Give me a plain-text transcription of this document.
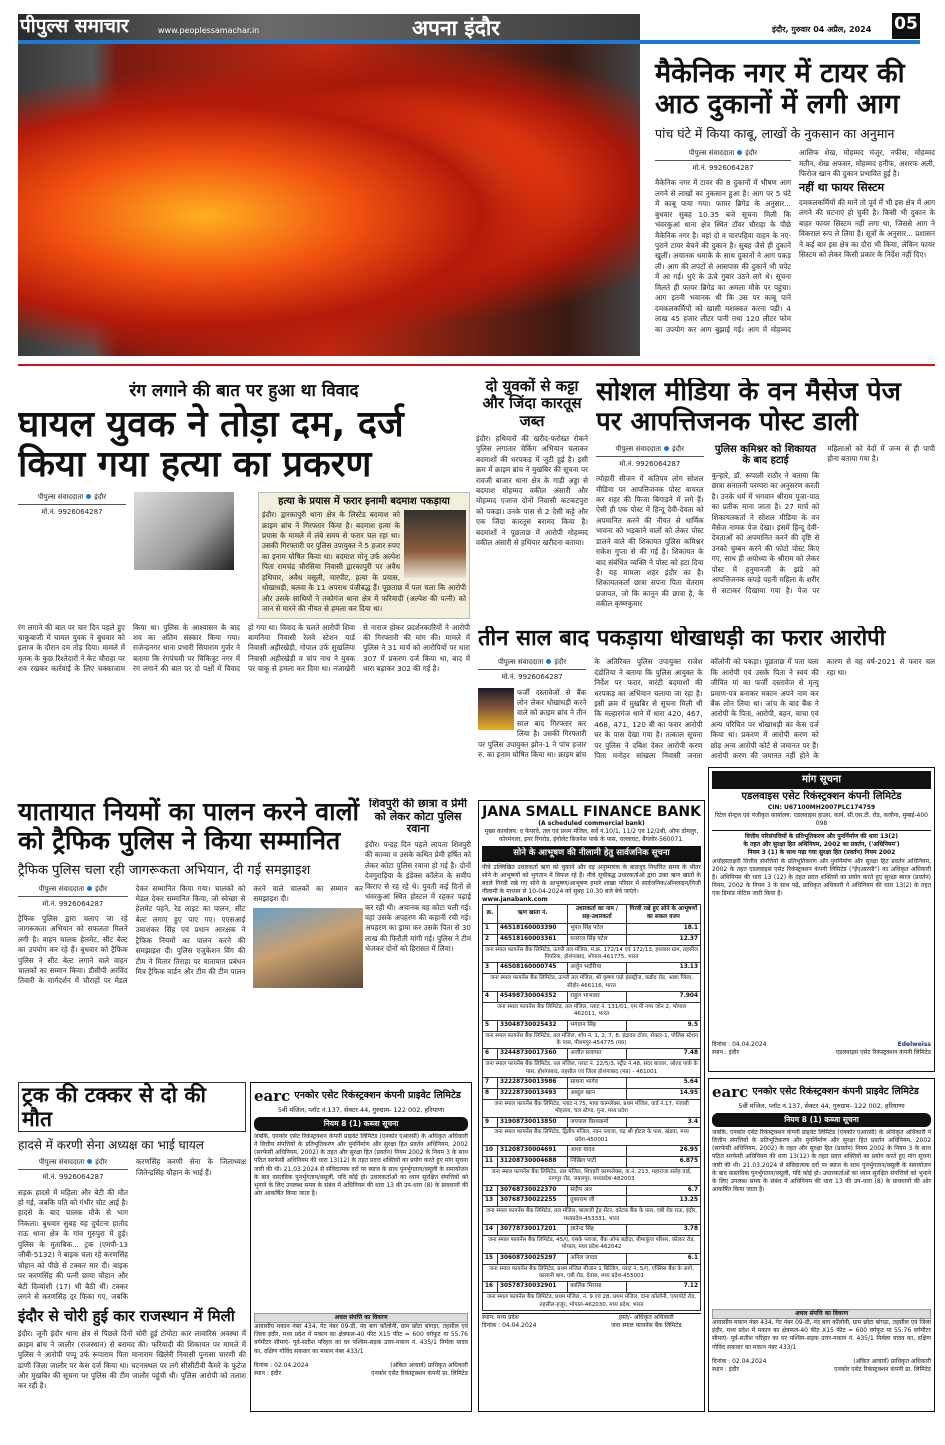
पीपुल्स समाचार	www.peoplessamachar.in	अपना इंदौर	इंदौर, गुरुवार 04 अप्रैल, 2024 05
मैकेनिक नगर में टायर की आठ दुकानों में लगी आग
पांच घंटे में किया काबू, लाखों के नुकसान का अनुमान
पीपुल्स संवाददाता इंदौर
मो.नं. 9926064287

मैकेनिक नगर में टायर की 8 दुकानों में भीषण आग लगने से लाखों का नुकसान हुआ है। आग पर 5 घंटे में काबू पाया गया। फायर ब्रिगेड के अनुसार... बुधवार सुबह 10.35 बजे सूचना मिली कि भंवरकुआं थाना क्षेत्र स्थित टॉवर चौराहा के पीछे मैकेनिक नगर है। वहां दो व चारपहिया वाहन के नए-पुराने टायर बेचने की दुकान है। सुबह जैसे ही दुकानें खुलीं। अचानक धमाके के साथ दुकानों ने आग पकड़ ली। आग की लपटों से आसपास की दुकानें भी चपेट में आ गई। धुएं के ऊंचे गुबार उठने लगे थे। सूचना मिलते ही फायर ब्रिगेड का अमला मौके पर पहुंचा। आग इतनी भयानक थी कि उस पर काबू पाने दमकलकर्मियों को खासी मशक्कत करना पड़ी। 4 लाख 45 हजार लीटर पानी तथा 120 लीटर फोम का उपयोग कर आग बुझाई गई। आग में मोहम्मद आसिफ शेख, मोहम्मद मंजूर, नफीस, मोहम्मद मतीन, शेख अफसर, मोहम्मद हनीफ, अशरफ अली, फिरोज खान की दुकान प्रभावित हुई है।

नहीं था फायर सिस्टम

दमकलकर्मियों की मानें तो पूर्व में भी इस क्षेत्र में आग लगने की घटनाएं हो चुकी है। किसी भी दुकान के बाहर फायर सिस्टम नहीं लगा था, जिससे आग ने विकराल रूप ले लिया है। सूत्रों के अनुसार... प्रशासन ने कई बार इस क्षेत्र का दौरा भी किया, लेकिन फायर सिस्टम को लेकर किसी प्रकार के निर्देश नहीं दिए।

रंग लगाने की बात पर हुआ था विवाद
घायल युवक ने तोड़ा दम, दर्ज किया गया हत्या का प्रकरण
पीपुल्स संवाददाता इंदौर
मो.नं. 9926064287
हत्या के प्रयास में फरार इनामी बदमाश पकड़ाया

इंदौर। द्वारकापुरी थाना क्षेत्र के लिस्टेड बदमाश को क्राइम ब्रांच ने गिरफ्तार किया है। बदमाश हत्या के प्रयास के मामले में लंबे समय से फरार चल रहा था। उसकी गिरफ्तारी पर पुलिस उपायुक्त ने 5 हजार रुपए का इनाम घोषित किया था। बदमाश मोनू उर्फ अल्पेश पिता रामचंद्र चौरसिया निवासी द्वारकापुरी पर अवैध हथियार, अवैध वसूली, मारपीट, हत्या के प्रयास, धोखाधड़ी, बलवा के 11 अपराध पंजीबद्ध हैं। पूछताछ में पता चला कि आरोपी और उसके साथियों ने तकोगंज थाना क्षेत्र में फरियादी (अल्पेश की पत्नी) को जान से मारने की नीयत से हमला कर दिया था।

रंग लगाने की बात पर चार दिन पहले हुए चाकूबाजी में घायल युवक ने बुधवार को इलाज के दौरान दम तोड़ दिया। मामले में मृतक के कुछ रिश्तेदारों ने केट चौराहा पर शव रखकर कार्रवाई के लिए चक्काजाम किया था। पुलिस के आश्वासन के बाद शव का अंतिम संस्कार किया गया। राजेन्द्रनगर थाना प्रभारी सियाराम गुर्जर ने बताया कि रंगपंचमी पर चिकित्रूट नगर में रंग लगाने की बात पर दो पक्षों में विवाद हो गया था। विवाद के चलते आरोपी शिवा बामनिया निवासी रेलवे स्टेशन यार्ड निवासी अहीरखेड़ी, गोपाल उर्फ सुखलिया निवासी अहीरखेड़ी व चांप नाथ ने युवक पर चाकू से हमला कर दिया था। नजाखेरी से नाराज होकर प्रदर्शनकारियों ने आरोपी की गिरफ्तारी की मांग की। मामले में पुलिस ने 31 मार्च को आरोपियों पर धारा 307 में प्रकरण दर्ज किया था, बाद में धारा बढ़ाकर 302 की गई है।

दो युवकों से कट्टा और जिंदा कारतूस जब्त

इंदौर। हथियारों की खरीद-फरोख्त रोकने पुलिस लगातार चेकिंग अभियान चलाकर बदमाशों की धरपकड़ में जुटी हुई है। इसी क्रम में क्राइम ब्रांच ने मुखबिर की सूचना पर रावजी बाजार थाना क्षेत्र के गाड़ी अड्डा से बदमाश मोहम्मद वकील अंसारी और मोहम्मद एजाज दोनों निवासी कटकटपुरा को पकड़ा। उनके पास से 2 देसी कट्टे और एक जिंदा कारतूस बरामद किया है। बदमाशों ने पूछताछ में आरोपी मोहम्मद वकील अंसारी से हथियार खरीदना बताया।

सोशल मीडिया के वन मैसेज पेज पर आपत्तिजनक पोस्ट डाली
पीपुल्स संवाददाता इंदौर
मो.नं. 9926064287

त्योहारी सीजन में कतिपय लोग सोशल मीडिया पर आपत्तिजनक पोस्ट वायरल कर शहर की फिजा बिगाड़ने में लगे हैं। ऐसी ही एक पोस्ट में हिन्दू देवी-देवता को अपमानित करने की नीयत से धार्मिक भावना को भड़काने वालों को लेकर पोस्ट डालने वाले की शिकायत पुलिस कमिश्नर राकेश गुप्ता से की गई है। शिकायत के बाद संबंधित व्यक्ति ने पोस्ट को हटा दिया है। यह मामला शहर इंदौर का है। शिकायतकर्ता छात्रा सपना पिता चेतराम प्रजापत, जो कि कानून की छात्रा है, के वकील कृष्णकुमार

पुलिस कमिश्नर को शिकायत के बाद हटाई

कुन्हारे, डॉ. रूपाली राठौर ने बताया कि छात्रा सनातनी परम्परा का अनुसरण करती है। उनके धर्म में भगवान श्रीराम पूजा-पाठ का प्रतीक माना जाता है। 27 मार्च को शिकायतकर्ता ने सोशल मीडिया के वन मैसेज नामक पेज देखा। इसमें हिन्दू देवी-देवताओं को अपमानित करने की दृष्टि से उनको चुम्बन करने की फोटो पोस्ट किए गए, साथ ही अयोध्या के श्रीराम को लेकर पोस्ट में हनुमानजी के झंडे को आपत्तिजनक कपड़े पहनी महिला के शरीर से सटाकर दिखाया गया है। पेज पर महिलाओं को वेदों में जन्म से ही पापी होना बताया गया है।

तीन साल बाद पकड़ाया धोखाधड़ी का फरार आरोपी
पीपुल्स संवाददाता इंदौर
मो.नं. 9926064287

फर्जी दस्तावेजों से बैंक लोन लेकर धोखाधड़ी करने वाले को क्राइम ब्रांच ने तीन साल बाद गिरफ्तार कर लिया है। उसकी गिरफ्तारी पर पुलिस उपायुक्त झोन-1 ने पांच हजार रु. का इनाम घोषित किया था। क्राइम ब्रांच के अतिरिक्त पुलिस उपायुक्त राजेश दंडोतिया ने बताया कि पुलिस आयुक्त के निर्देश पर फरार, वारंटी बदमाशों की धरपकड़ का अभियान चलाया जा रहा है। इसी क्रम में मुखबिर से सूचना मिली थी कि मल्हारगंज थाने में धारा 420, 467, 468, 471, 120 बी का फरार आरोपी घर के पास देखा गया है। तत्काल सूचना पर पुलिस ने दबिश देकर आरोपी करण पिता मनोहर सांखला निवासी जनता कॉलोनी को पकड़ा। पूछताछ में पता चला कि आरोपी एवं उसके पिता ने स्वयं की जीवित मां का फर्जी दस्तावेज से मृत्यु प्रमाण-पत्र बनाकर मकान अपने नाम कर बैंक लोन लिया था। जांच के बाद बैंक ने आरोपी के पिता, आरोपी, बहन, चाचा एवं अन्य परिचित पर धोखाधड़ी का केस दर्ज किया था। प्रकरण में आरोपी करण को छोड़ अन्य आरोपी कोर्ट से जमानत पर हैं। आरोपी करण की जमानत नहीं होने के कारण से वह वर्ष-2021 से फरार चल रहा था।

मांग सूचना
एडलवाइस एसेट रिकंस्ट्रक्शन कंपनी लिमिटेड
CIN: U67100MH2007PLC174759
रिटेल सेन्ट्रल एवं पंजीकृत कार्यालय: एडलवाइस हाउस, कार्य. सी.एस.टी. रोड, कलीना, मुम्बई-400 098
वित्तीय परिसंपत्तियों के प्रतिभूतिकरण और पुनर्निर्माण की धारा 13(2)
के तहत और सुरक्षा हित अधिनियम, 2002 का प्रवर्तन, ('अधिनियम')
नियम 3 (1) के साथ पढ़ा गया सुरक्षा हित (प्रवर्तन) नियम 2002

अधोहस्ताक्षरी वित्तीय संपत्तियों के प्रतिभूतिकरण और पुनर्निर्माण और सुरक्षा हित प्रवर्तन अधिनियम, 2002 के तहत एडलवाइस एसेट रिकंस्ट्रक्शन कंपनी लिमिटेड ("ईएआरसी") का अधिकृत अधिकारी है। अधिनियम की धारा 13 (12) के तहत प्रदत्त शक्तियों का प्रयोग करते हुए सुरक्षा ब्याज (प्रवर्तन) नियम, 2002 के नियम 3 के साथ पढ़ें, प्राधिकृत अधिकारी ने अधिनियम की धारा 13(2) के तहत एक डिमांड नोटिस जारी किया है।

दिनांक : 04.04.2024	Edelweiss
स्थान : इंदौर	एडलवाइस एसेट रिकंस्ट्रक्शन कंपनी लिमिटेड
यातायात नियमों का पालन करने वालों को ट्रैफिक पुलिस ने किया सम्मानित
ट्रैफिक पुलिस चला रही जागरूकता अभियान, दी गई समझाइश
पीपुल्स संवाददाता इंदौर
मो.नं. 9926064287

ट्रैफिक पुलिस द्वारा चलाए जा रहे जागरूकता अभियान को सफलता मिलने लगी है। वाहन चालक हेलमेट, सीट बेल्ट का उपयोग कर रहे हैं। बुधवार को ट्रैफिक पुलिस ने सीट बेल्ट लगाने वाले वाहन चालकों का सम्मान किया। डीसीपी अरविंद तिवारी के मार्गदर्शन में चौराहों पर मेडल देकर सम्मानित किया गया। चालकों को मेडल देकर सम्मानित किया, जो स्वेच्छा से हेलमेट पहने, रेड लाइट का पालन, सीट बेल्ट लगाए हुए पाए गए। एएसआई उमाशंकर सिंह एवं प्रधान आरक्षक ने ट्रैफिक नियमों का पालन करने की समझाइश दी। पुलिस एजुकेशन विंग की टीम ने मितार तिराहा पर यातायात प्रबंधन मित्र ट्रैफिक वार्डन और टीम की टीम पालन करने वाले चालकों का सम्मान कर समझाइश दी।

शिवपुरी की छात्रा व प्रेमी को लेकर कोटा पुलिस रवाना

इंदौर। पन्द्रह दिन पहले लापता शिवपुरी की काव्या व उसके कथित प्रेमी हर्षित को लेकर कोटा पुलिस रवाना हो गई है। दोनों देवगुराड़िया के इंडेक्स कॉलेज के समीप किराए से रह रहे थे। युवती कई दिनों से भंवरकुआं स्थित होस्टल में रहकर पढ़ाई कर रही थी। अचानक वह कोटा चली गई। वहां उसके अपहरण की कहानी रची गई। अपहरण का ड्रामा कर उसके पिता से 30 लाख की फिरौती मांगी गई। पुलिस ने टीम भेजकर दोनों को हिरासत में लिया।

JANA SMALL FINANCE BANK
(A scheduled commercial bank)
मुख्य कार्यालय: द फेयरवे, तल एवं प्रथम मंजिल, सर्वे नं.10/1, 11/2 एवं 12/2बी, ऑफ डोमलुर, कोरमंगला, इनर रिंगरोड, इंगोलेट बिजनेस पार्क के पास, चल्लाघट, बैंगलोर-560071.
सोने के आभूषण की नीलामी हेतु सार्वजनिक सूचना

नीचे उल्लिखित उधारकर्ता ऋण को चुकाने और वह अनुस्मारक के बावजूद निर्धारित समय के भीतर सोने के आभूषणों को भुगतान में विफल रहे हैं। नीचे सूचीबद्ध उधारकर्ताओं द्वारा उक्त ऋण खातों के बदले गिरवी रखे गए सोने के आभूषण/आभूषण हमारे शाखा परिसर में सार्वजनिक/ऑनलाइन/निजी नीलामी के माध्यम से 10-04-2024 को सुबह 10.30 बजे बेचे जाएंगे।

www.janabank.com
क्र.	ऋण खाता नं.	उधारकर्ता का नाम / सह-उधारकर्ता	गिरवी रखे हुए सोने के आभूषणों का सकल वजन
1	46518160003390	भूपत सिंह पटेल	18.1
2	46518160003361	धनराज सिंह पटेल	12.37
जना स्माल फायनेंस बैंक लिमिटेड, ऊपरी तल मंजिल, म.क्र. 172/14 एवं 172/13, हथवास ग्राम, तहसील पिपरिया, होशंगाबाद, भोपाल-461775, भारत			
3	46508160000745	अर्जुन भदौरिया	13.13
जना स्माल फायनेंस बैंक लिमिटेड, ऊपरी तल मंजिल, श्री कृष्णा एग्रो इंडस्ट्रीज, कन्नौद रोड, आष्टा जिला, सीहोर-466116, भारत			
4	45498730004352	राहुल भाभवार	7.904
जना स्माल फायनेंस बैंक लिमिटेड, तल मंजिल, प्लाट नं. 131/01, एम पी नगर जोन 2, भोपाल 462011, भारत			
5	33048730025432	भगवान सिंह	9.5
जना स्माल फायनेंस बैंक लिमिटेड, तल मंजिल, शॉप नं. 1, 2, 7, 8, इंद्रावत टॉवर, सेक्टर-1, पोलिस स्टेशन के पास, पीथमपुर-454775 (मप्र)			
6	32448730017360	अजीत प्रजापत	7.48
जना स्माल फायनेंस बैंक लिमिटेड, तल मंजिल, प्लाट नं. 22/5/3, स्ट्रीट नं.48, सदर बाजार, ओल्ड पार्क के पास, होशंगाबाद, तहसील एवं जिला होशंगाबाद (मप्र) - 461001			
7	32228730013986	साधना भार्गव	5.64
8	32228730013493	अब्दुल खान	14.95
जना स्माल फायनेंस बैंक लिमिटेड, प्लाट नं.75, माया काम्प्लेक्स, प्रथम मंजिल, वार्ड नं.17, पंजाबी मोहल्ला, चल स्टेण्ड, गुना, मध्य प्रदेश			
9	31908730013850	जयपाल विश्वकर्मा	3.4
जना स्माल फायनेंस बैंक लिमिटेड, द्वितीय मंजिल, नवन प्लाजा, चंद्र श्री होटल के पास, खंडवा, मध्य प्रदेश-450001			
10	31208730004691	आशा यादव	26.95
11	31208730004688	निखिल पाटी	6.875
जना स्माल फायनेंस बैंक लिमिटेड, तल मंजिल, शिवहरी काम्पलेक्स, क.नं. 213, महाराजा सलेह वार्ड, नागपुर रोड, जबलपुर, मध्यप्रदेश-482003			
12	30768730022370	संदीप आर	6.7
13	30768730022255	तुकाराम जी	13.25
जना स्माल फायनेंस बैंक लिमिटेड, तल मंजिल, बालाजी ट्रेड सेंटर, कोटक बैंक के पास, एबी रोड राऊ, इंदौर, मध्यप्रदेश-453331, भारत			
14	30778730017201	ज्ञानेन्द्र सिंह	3.78
जना स्माल फायनेंस बैंक लिमिटेड, 45/ए, एसके प्लाजा, बैंक ऑफ बड़ौदा, बीमाकुंज परिसर, कोलार रोड, भोपाल, मध्य प्रदेश-462042			
15	30608730025297	अनिल जादव	6.1
जना स्माल फायनेंस बैंक लिमिटेड, प्रथम मंजिल मीजान 1 बिल्डिंग, प्लाट नं. 5/ए, एक्सिस बैंक के आगे, कालानी बाग, एबी रोड, देवास, मध्य प्रदेश-455001			
16	30578730032901	कार्तिक मिरासा	7.12
जना स्माल फायनेंस बैंक लिमिटेड, प्रथम मंजिल, नं. 9 एवं 28, प्रथम मंजिल, दाना कॉलोनी, एयरपोर्ट रोड, तहसील-हजूर, भोपाल-462030, मध्य प्रदेश, भारत			
स्थान: मध्य प्रदेश
दिनांक : 04.04.2024
हस्ते/- अधिकृत अधिकारी
जना स्माल फायनेंस बैंक लिमिटेड
ट्रक की टक्कर से दो की मौत
हादसे में करणी सेना अध्यक्ष का भाई घायल
पीपुल्स संवाददाता इंदौर
मो.नं. 9926064287

सड़क हादसे में महिला और बेटी की मौत हो गई, जबकि पति को गंभीर चोट आई है। हादसे के बाद चालक मौके से भाग निकला। बुधवार सुबह यह दुर्घटना हातोद राऊ थाना क्षेत्र के गांव गुरुपुरा में हुई। पुलिस के मुताबिक... ट्रक (एमपी-13 जीबी-5132) ने बाइक चला रहे करणसिंह चौहान को पीछे से टक्कर मार दी। बाइक पर करणसिंह की पत्नी छाया चौहान और बेटी दिव्यांशी (17) भी बैठी थीं। टक्कर लगने से करणसिंह दूर फिका गए, जबकि करणसिंह करणी सेना के जिलाध्यक्ष जितेन्द्रसिंह चौहान के भाई हैं।

इंदौर से चोरी हुई कार राजस्थान में मिली

इंदौर। जूनी इंदौर थाना क्षेत्र से पिछले दिनों चोरी हुई टोयोटा कार लावारिस अवस्था में क्राइम ब्रांच ने जालौर (राजस्थान) से बरामद की। फरियादी की शिकायत पर मामले में पुलिस ने आरोपी पप्पू उर्फ रूपाराम पिता मानाराम खिलेरी निवासी पुनासा चारणी की ढाणी जिला जालौर पर केस दर्ज किया था। घटनास्थल पर लगे सीसीटीवी कैमरे के फुटेज और मुखबिर की सूचना पर पुलिस की टीम जालौर पहुंची थी। पुलिस आरोपी को तलाश कर रही है।

earc एनकोर एसेट रिकंस्ट्रक्शन कंपनी प्राइवेट लिमिटेड
5वीं मंजिल, प्लॉट नं.137, सेक्टर 44, गुरुग्राम- 122 002, हरियाणा
नियम 8 (1) कब्जा सूचना

जबकि, एनकोर एसेट रिकंस्ट्रक्शन कंपनी प्राइवेट लिमिटेड (एनकोर एआरसी) के अधिकृत अधिकारी ने वित्तीय संपत्तियों के प्रतिभूतिकरण और पुनर्निर्माण और सुरक्षा हित प्रवर्तन अधिनियम, 2002 (सरफेसी अधिनियम, 2002) के तहत और सुरक्षा हित (प्रवर्तन) नियम 2002 के नियम 3 के साथ पठित सरफेसी अधिनियम की धारा 13(12) के तहत प्रदत्त शक्तियों का प्रयोग करते हुए मांग सूचना जारी की थी। 21.03.2024 से संविदात्मक दरों पर ब्याज के साथ पुनर्भुगतान/वसूली के समायोजन के बाद वास्तविक पुनर्भुगतान/वसूली, यदि कोई हो। उधारकर्ताओं का ध्यान सुरक्षित संपत्तियों को भुनाने के लिए उपलब्ध समय के संबंध में अधिनियम की धारा 13 की उप-धारा (8) के प्रावधानों की ओर आकर्षित किया जाता है।

अचल संपत्ति का विवरण

आवासीय मकान नंबर 434, गेट नंबर 09-डी, नंद बाग कॉलोनी, ग्राम छोटा बांगड़ा, तहसील एवं जिला इंदौर, मध्य प्रदेश में मकान का क्षेत्रफल-40 फीट X15 फीट = 600 वर्गफुट या 55.76 वर्गमीटर सीमाएं- पूर्व-सतीश परिहार का घर पश्चिम-सड़क उत्तर-मकान नं. 435/1 निर्मला यादव का, दक्षिण गोविंद सकवार का मकान नंबर 433/1

दिनांक : 02.04.2024
स्थान : इंदौर
(अंकित आचार्य) प्राधिकृत अधिकारी
एनकोर एसेट रिकंस्ट्रक्शन कंपनी प्रा. लिमिटेड
earc एनकोर एसेट रिकंस्ट्रक्शन कंपनी प्राइवेट लिमिटेड
5वीं मंजिल, प्लॉट नं.137, सेक्टर 44, गुरुग्राम- 122 002, हरियाणा
नियम 8 (1) कब्जा सूचना

जबकि, एनकोर एसेट रिकंस्ट्रक्शन कंपनी प्राइवेट लिमिटेड (एनकोर एआरसी) के अधिकृत अधिकारी ने वित्तीय संपत्तियों के प्रतिभूतिकरण और पुनर्निर्माण और सुरक्षा हित प्रवर्तन अधिनियम, 2002 (सरफेसी अधिनियम, 2002) के तहत और सुरक्षा हित (प्रवर्तन) नियम 2002 के नियम 3 के साथ पठित सरफेसी अधिनियम की धारा 13(12) के तहत प्रदत्त शक्तियों का प्रयोग करते हुए मांग सूचना जारी की थी। 21.03.2024 से संविदात्मक दरों पर ब्याज के साथ पुनर्भुगतान/वसूली के समायोजन के बाद वास्तविक पुनर्भुगतान/वसूली, यदि कोई हो। उधारकर्ताओं का ध्यान सुरक्षित संपत्तियों को भुनाने के लिए उपलब्ध समय के संबंध में अधिनियम की धारा 13 की उप-धारा (8) के प्रावधानों की ओर आकर्षित किया जाता है।

अचल संपत्ति का विवरण

आवासीय मकान नंबर 434, गेट नंबर 09-डी, नंद बाग कॉलोनी, ग्राम छोटा बांगड़ा, तहसील एवं जिला इंदौर, मध्य प्रदेश में मकान का क्षेत्रफल-40 फीट X15 फीट = 600 वर्गफुट या 55.76 वर्गमीटर सीमाएं- पूर्व-सतीश परिहार का घर पश्चिम-सड़क उत्तर-मकान नं. 435/1 निर्मला यादव का, दक्षिण गोविंद सकवार का मकान नंबर 433/1

दिनांक : 02.04.2024
स्थान : इंदौर
(अंकित आचार्य) प्राधिकृत अधिकारी
एनकोर एसेट रिकंस्ट्रक्शन कंपनी प्रा. लिमिटेड
